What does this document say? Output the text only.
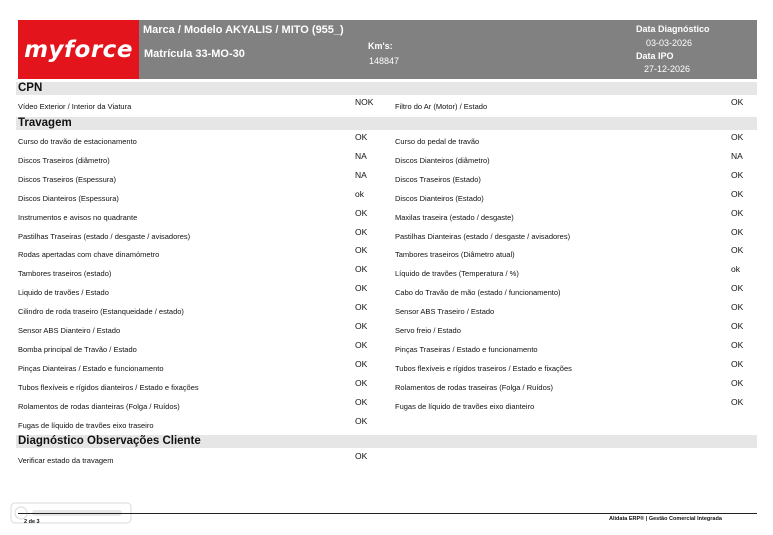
myforce
Marca / Modelo AKYALIS / MITO (955_)
Matrícula 33-MO-30
Km's:
148847
Data Diagnóstico
03-03-2026
Data IPO
27-12-2026
CPN
Vídeo Exterior / Interior da Viatura	NOK	Filtro do Ar (Motor) / Estado	OK
Travagem
Curso do travão de estacionamento	OK	Curso do pedal de travão	OK
Discos Traseiros (diâmetro)	NA	Discos Dianteiros (diâmetro)	NA
Discos Traseiros (Espessura)	NA	Discos Traseiros (Estado)	OK
Discos Dianteiros (Espessura)	ok	Discos Dianteiros (Estado)	OK
Instrumentos e avisos no quadrante	OK	Maxilas traseira (estado / desgaste)	OK
Pastilhas Traseiras (estado / desgaste / avisadores)	OK	Pastilhas Dianteiras (estado / desgaste / avisadores)	OK
Rodas apertadas com chave dinamómetro	OK	Tambores traseiros (Diâmetro atual)	OK
Tambores traseiros (estado)	OK	Líquido de travões (Temperatura / %)	ok
Liquido de travões / Estado	OK	Cabo do Travão de mão (estado / funcionamento)	OK
Cilindro de roda traseiro (Estanqueidade / estado)	OK	Sensor ABS Traseiro / Estado	OK
Sensor ABS Dianteiro / Estado	OK	Servo freio / Estado	OK
Bomba principal de Travão / Estado	OK	Pinças Traseiras / Estado e funcionamento	OK
Pinças Dianteiras / Estado e funcionamento	OK	Tubos flexíveis e rígidos traseiros / Estado e fixações	OK
Tubos flexíveis e rígidos dianteiros / Estado e fixações	OK	Rolamentos de rodas traseiras (Folga / Ruídos)	OK
Rolamentos de rodas dianteiras (Folga / Ruídos)	OK	Fugas de líquido de travões eixo dianteiro	OK
Fugas de líquido de travões eixo traseiro	OK
Diagnóstico Observações Cliente
Verificar estado da travagem	OK
2 de 3	Alidata ERP® | Gestão Comercial Integrada
